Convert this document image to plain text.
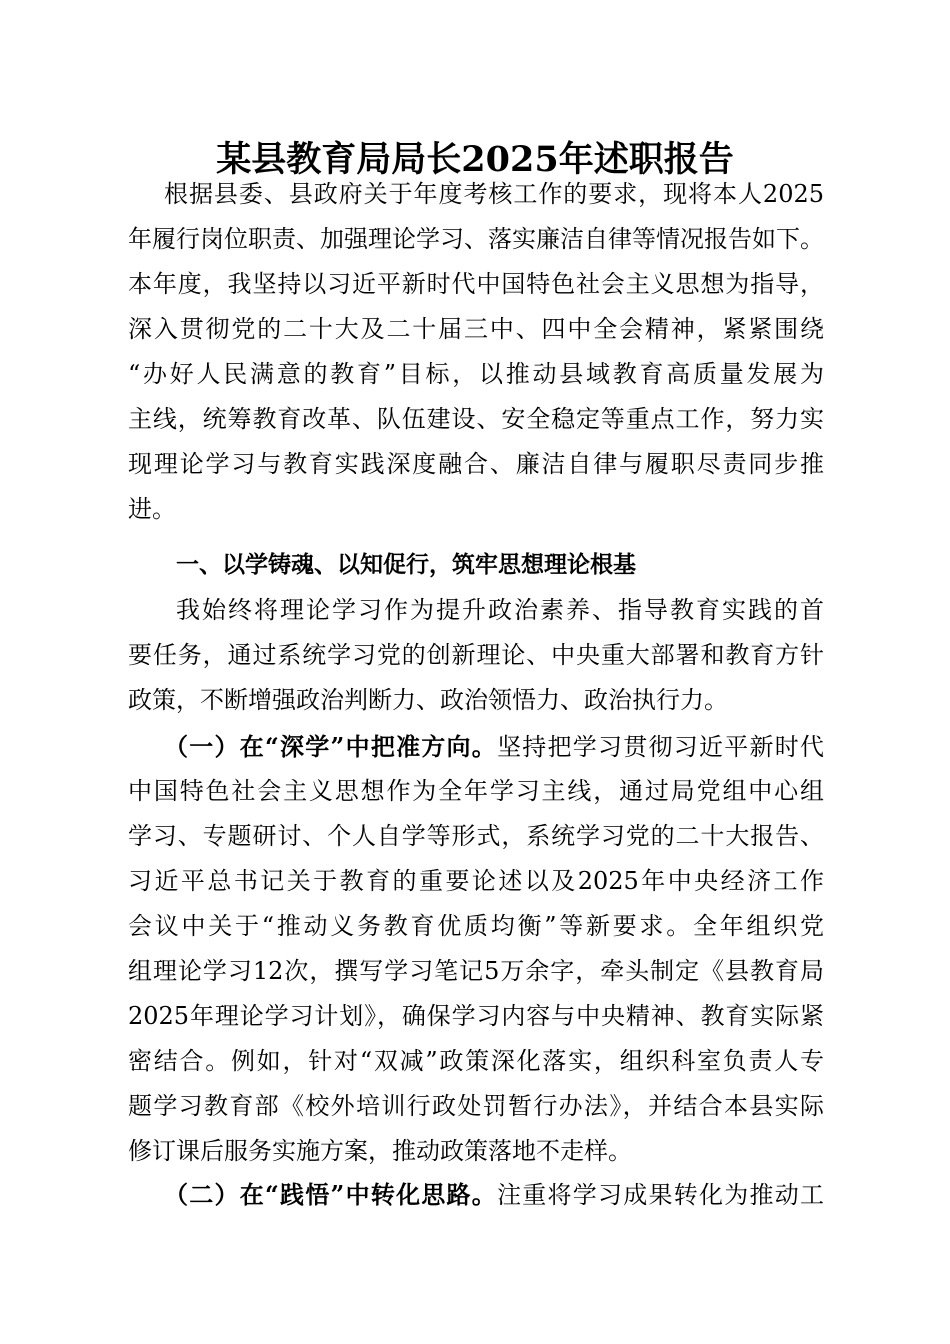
某县教育局局长2025年述职报告
根据县委、县政府关于年度考核工作的要求，现将本人2025
年履行岗位职责、加强理论学习、落实廉洁自律等情况报告如下。
本年度，我坚持以习近平新时代中国特色社会主义思想为指导，
深入贯彻党的二十大及二十届三中、四中全会精神，紧紧围绕
“办好人民满意的教育”目标，以推动县域教育高质量发展为
主线，统筹教育改革、队伍建设、安全稳定等重点工作，努力实
现理论学习与教育实践深度融合、廉洁自律与履职尽责同步推
进。
一、以学铸魂、以知促行，筑牢思想理论根基
我始终将理论学习作为提升政治素养、指导教育实践的首
要任务，通过系统学习党的创新理论、中央重大部署和教育方针
政策，不断增强政治判断力、政治领悟力、政治执行力。
（一）在“深学”中把准方向。坚持把学习贯彻习近平新时代
中国特色社会主义思想作为全年学习主线，通过局党组中心组
学习、专题研讨、个人自学等形式，系统学习党的二十大报告、
习近平总书记关于教育的重要论述以及2025年中央经济工作
会议中关于“推动义务教育优质均衡”等新要求。全年组织党
组理论学习12次，撰写学习笔记5万余字，牵头制定《县教育局
2025年理论学习计划》，确保学习内容与中央精神、教育实际紧
密结合。例如，针对“双减”政策深化落实，组织科室负责人专
题学习教育部《校外培训行政处罚暂行办法》，并结合本县实际
修订课后服务实施方案，推动政策落地不走样。
（二）在“践悟”中转化思路。注重将学习成果转化为推动工
